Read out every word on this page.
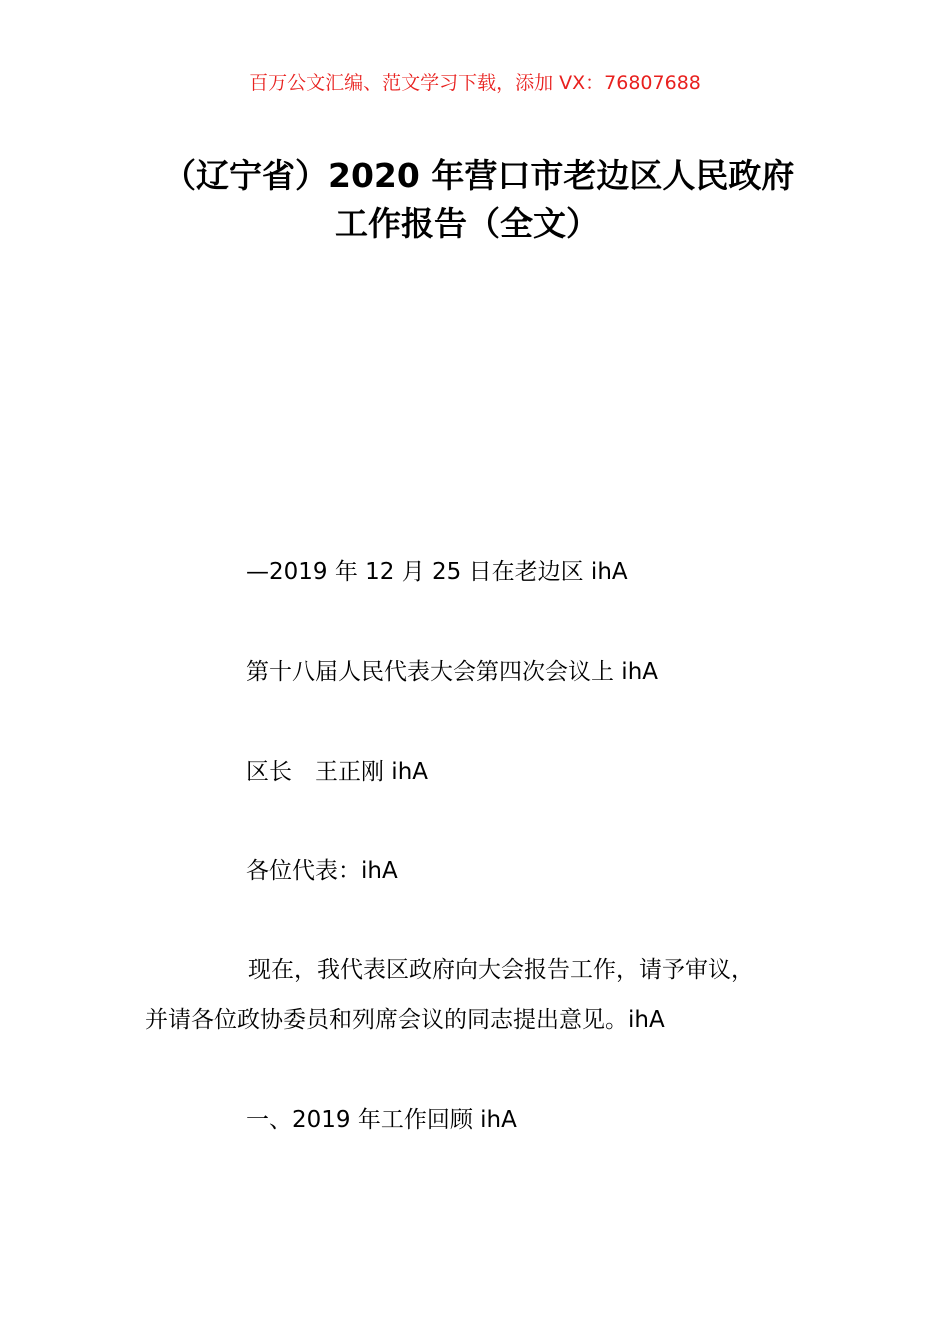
百万公文汇编、范文学习下载，添加 VX：76807688
（辽宁省）2020 年营口市老边区人民政府
工作报告（全文）
—2019 年 12 月 25 日在老边区 ihA
第十八届人民代表大会第四次会议上 ihA
区长　王正刚 ihA
各位代表：ihA
现在，我代表区政府向大会报告工作，请予审议，
并请各位政协委员和列席会议的同志提出意见。ihA
一、2019 年工作回顾 ihA
